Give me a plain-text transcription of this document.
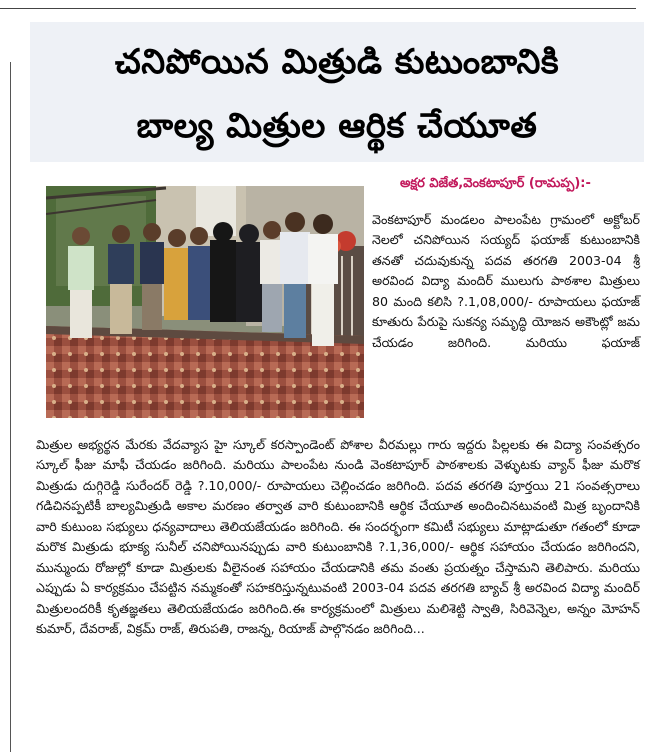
చనిపోయిన మిత్రుడి కుటుంబానికి
బాల్య మిత్రుల ఆర్థిక చేయూత
అక్షర విజేత,వెంకటాపూర్ (రామప్ప):-

వెంకటాపూర్ మండలం పాలంపేట గ్రామంలో అక్టోబర్ నెలలో చనిపోయిన సయ్యద్ ఫయాజ్ కుటుంబానికి తనతో చదువుకున్న పదవ తరగతి 2003-04 శ్రీ అరవింద విద్యా మందిర్ ములుగు పాఠశాల మిత్రులు 80 మంది కలిసి ?.1,08,000/- రూపాయలు ఫయాజ్ కూతురు పేరుపై సుకన్య సమృద్ధి యోజన అకౌంట్లో జమ చేయడం జరిగింది. మరియు ఫయాజ్

మిత్రుల అభ్యర్థన మేరకు వేదవ్యాస హై స్కూల్ కరస్పాండెంట్ పోశాల వీరమల్లు గారు ఇద్దరు పిల్లలకు ఈ విద్యా సంవత్సరం స్కూల్ ఫీజు మాఫీ చేయడం జరిగింది. మరియు పాలంపేట నుండి వెంకటాపూర్ పాఠశాలకు వెళ్ళుటకు వ్యాన్ ఫీజు మరొక మిత్రుడు దుగ్గిరెడ్డి సురేందర్ రెడ్డి ?.10,000/- రూపాయలు చెల్లించడం జరిగింది. పదవ తరగతి పూర్తయి 21 సంవత్సరాలు గడిచినప్పటికీ బాల్యమిత్రుడి అకాల మరణం తర్వాత వారి కుటుంబానికి ఆర్థిక చేయూత అందించినటువంటి మిత్ర బృందానికి వారి కుటుంబ సభ్యులు ధన్యవాదాలు తెలియజేయడం జరిగింది. ఈ సందర్భంగా కమిటీ సభ్యులు మాట్లాడుతూ గతంలో కూడా మరొక మిత్రుడు భూక్య సునీల్ చనిపోయినప్పుడు వారి కుటుంబానికి ?.1,36,000/- ఆర్థిక సహాయం చేయడం జరిగిందని, మున్ముందు రోజుల్లో కూడా మిత్రులకు వీలైనంత సహాయం చేయడానికి తమ వంతు ప్రయత్నం చేస్తామని తెలిపారు. మరియు ఎప్పుడు ఏ కార్యక్రమం చేపట్టిన నమ్మకంతో సహకరిస్తున్నటువంటి 2003-04 పదవ తరగతి బ్యాచ్ శ్రీ అరవింద విద్యా మందిర్ మిత్రులందరికీ కృతజ్ఞతలు తెలియజేయడం జరిగింది.ఈ కార్యక్రమంలో మిత్రులు మలిశెట్టి స్వాతి, సిరివెన్నెల, అన్నం మోహన్ కుమార్, దేవరాజ్, విక్రమ్ రాజ్, తిరుపతి, రాజన్న, రియాజ్ పాల్గొనడం జరిగింది...
